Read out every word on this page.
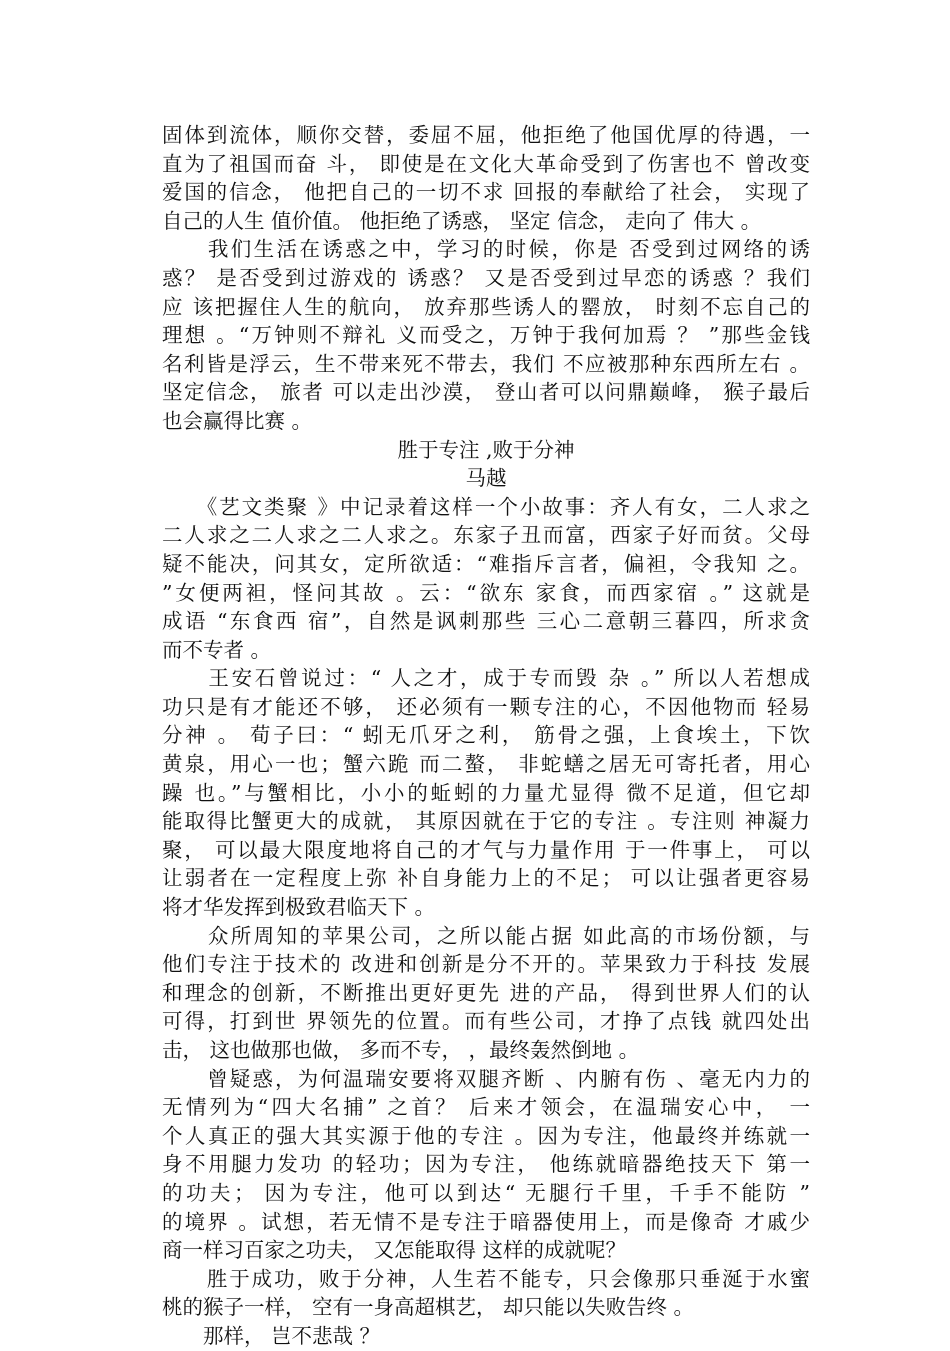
固体到流体，顺你交替，委屈不屈，他拒绝了他国优厚的待遇，一
直为了祖国而奋 斗， 即使是在文化大革命受到了伤害也不 曾改变
爱国的信念， 他把自己的一切不求 回报的奉献给了社会， 实现了
自己的人生 值价值。 他拒绝了诱惑， 坚定 信念， 走向了 伟大 。
　　我们生活在诱惑之中，学习的时候，你是 否受到过网络的诱
惑？ 是否受到过游戏的 诱惑？ 又是否受到过早恋的诱惑 ？我们
应 该把握住人生的航向， 放弃那些诱人的罂放， 时刻不忘自己的
理想 。“万钟则不辩礼 义而受之，万钟于我何加焉 ？ ”那些金钱
名利皆是浮云，生不带来死不带去，我们 不应被那种东西所左右 。
坚定信念， 旅者 可以走出沙漠， 登山者可以问鼎巅峰， 猴子最后
也会赢得比赛 。
胜于专注 ,败于分神
马越
　　《艺文类聚 》中记录着这样一个小故事：齐人有女，二人求之
二人求之二人求之二人求之。东家子丑而富，西家子好而贫。父母
疑不能决，问其女，定所欲适：“难指斥言者，偏袒，令我知 之。
”女便两袒，怪问其故 。云：“欲东 家食，而西家宿 。” 这就是
成语 “东食西 宿”，自然是讽刺那些 三心二意朝三暮四，所求贪
而不专者 。
　　王安石曾说过：“ 人之才，成于专而毁 杂 。” 所以人若想成
功只是有才能还不够， 还必须有一颗专注的心，不因他物而 轻易
分神 。 荀子曰：“ 蚓无爪牙之利， 筋骨之强，上食埃土，下饮
黄泉，用心一也；蟹六跪 而二螯， 非蛇蟮之居无可寄托者，用心
躁 也。”与蟹相比，小小的蚯蚓的力量尤显得 微不足道，但它却
能取得比蟹更大的成就， 其原因就在于它的专注 。专注则 神凝力
聚， 可以最大限度地将自己的才气与力量作用 于一件事上， 可以
让弱者在一定程度上弥 补自身能力上的不足； 可以让强者更容易
将才华发挥到极致君临天下 。
　　众所周知的苹果公司，之所以能占据 如此高的市场份额，与
他们专注于技术的 改进和创新是分不开的。苹果致力于科技 发展
和理念的创新，不断推出更好更先 进的产品， 得到世界人们的认
可得，打到世 界领先的位置。而有些公司，才挣了点钱 就四处出
击， 这也做那也做， 多而不专， ，最终轰然倒地 。
　　曾疑惑，为何温瑞安要将双腿齐断 、内腑有伤 、毫无内力的
无情列为“四大名捕” 之首？ 后来才领会，在温瑞安心中， 一
个人真正的强大其实源于他的专注 。因为专注，他最终并练就一
身不用腿力发功 的轻功；因为专注， 他练就暗器绝技天下 第一
的功夫； 因为专注，他可以到达“ 无腿行千里，千手不能防 ”
的境界 。试想，若无情不是专注于暗器使用上，而是像奇 才戚少
商一样习百家之功夫， 又怎能取得 这样的成就呢？
　　胜于成功，败于分神，人生若不能专，只会像那只垂涎于水蜜
桃的猴子一样， 空有一身高超棋艺， 却只能以失败告终 。
　　那样， 岂不悲哉 ？
